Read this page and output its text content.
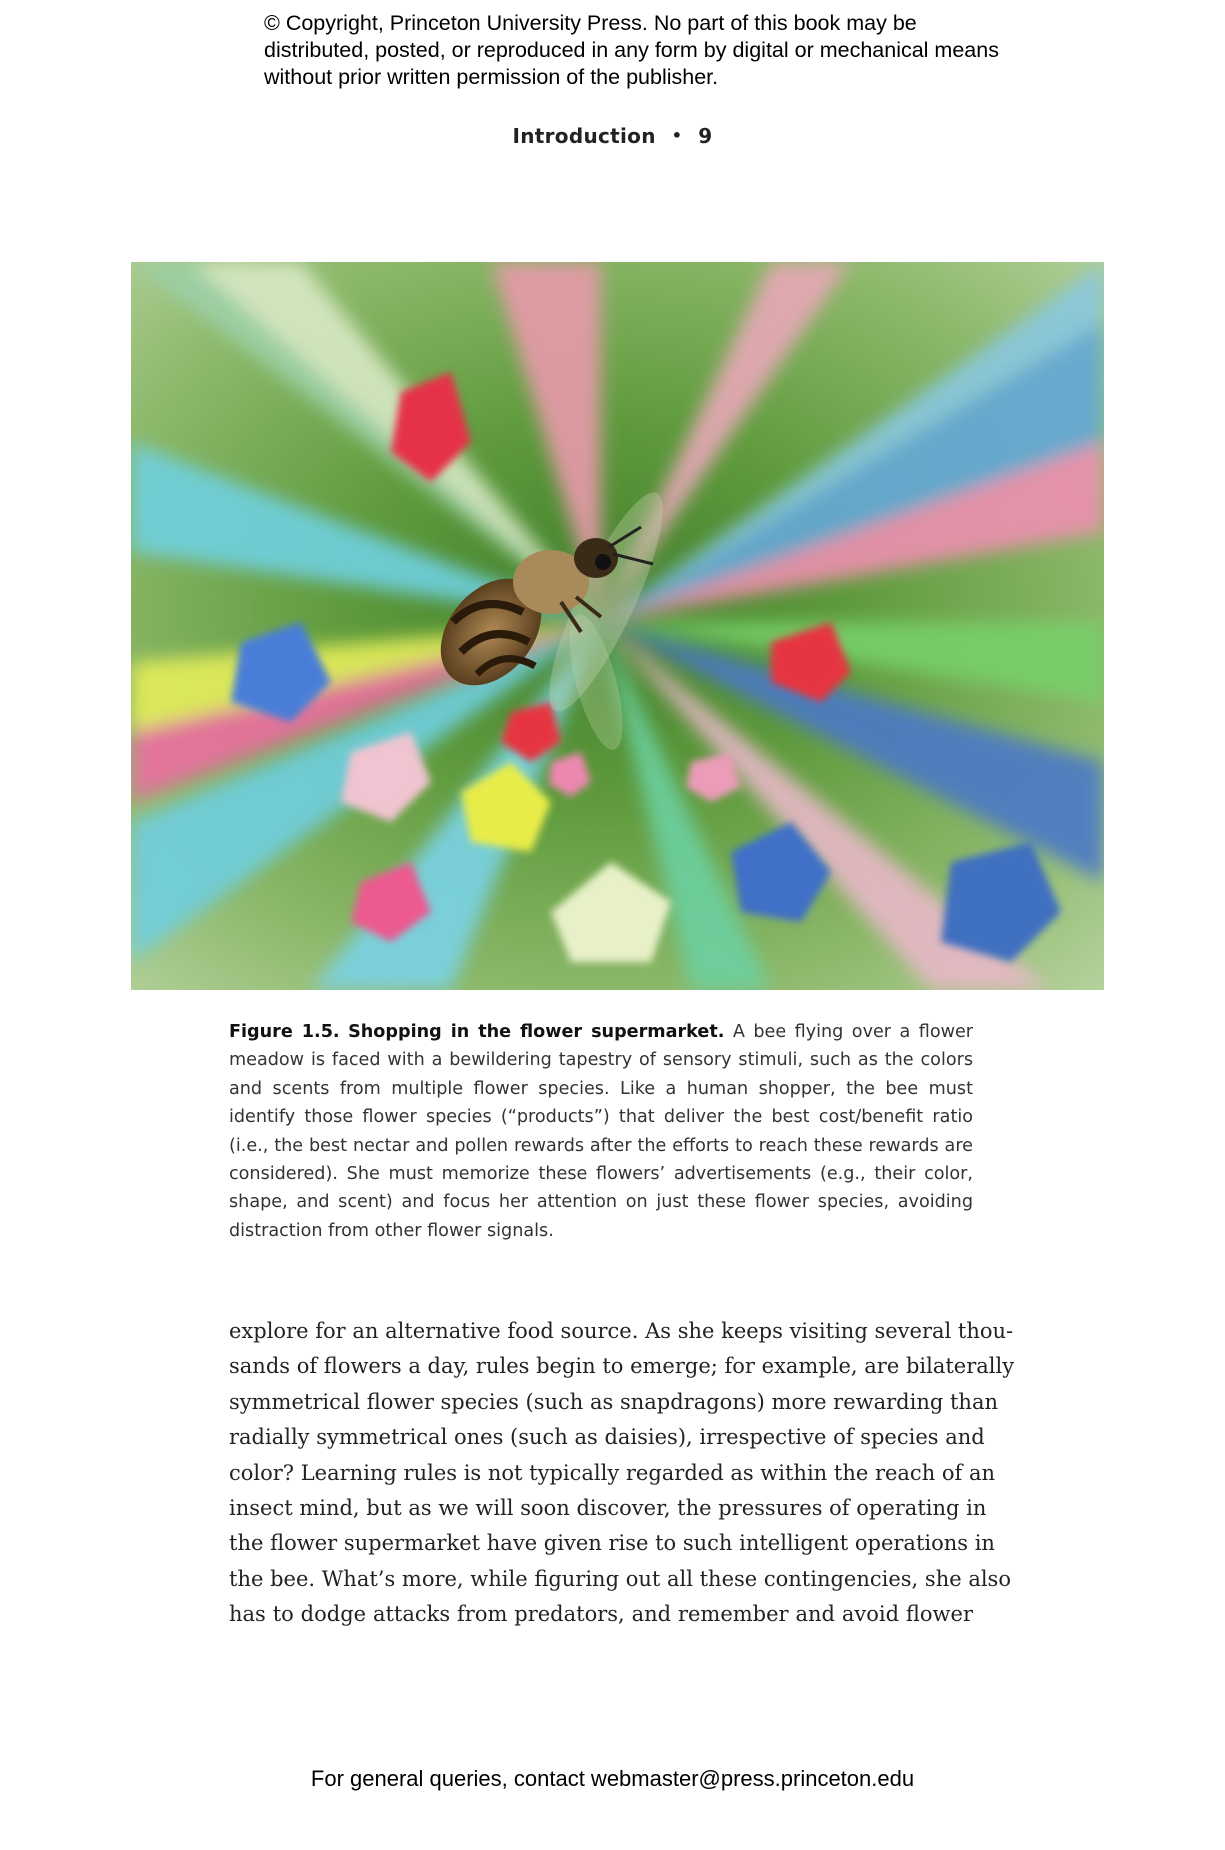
© Copyright, Princeton University Press. No part of this book may be distributed, posted, or reproduced in any form by digital or mechanical means without prior written permission of the publisher.
Introduction • 9
Figure 1.5. Shopping in the flower supermarket. A bee flying over a flower meadow is faced with a bewildering tapestry of sensory stimuli, such as the colors and scents from multiple flower species. Like a human shopper, the bee must identify those flower species (“products”) that deliver the best cost/benefit ratio (i.e., the best nectar and pollen rewards after the efforts to reach these rewards are considered). She must memorize these flowers’ advertisements (e.g., their color, shape, and scent) and focus her attention on just these flower species, avoiding distraction from other flower signals.
explore for an alternative food source. As she keeps visiting several thou-
sands of flowers a day, rules begin to emerge; for example, are bilaterally
symmetrical flower species (such as snapdragons) more rewarding than
radially symmetrical ones (such as daisies), irrespective of species and
color? Learning rules is not typically regarded as within the reach of an
insect mind, but as we will soon discover, the pressures of operating in
the flower supermarket have given rise to such intelligent operations in
the bee. What’s more, while figuring out all these contingencies, she also
has to dodge attacks from predators, and remember and avoid flower
For general queries, contact webmaster@press.princeton.edu
